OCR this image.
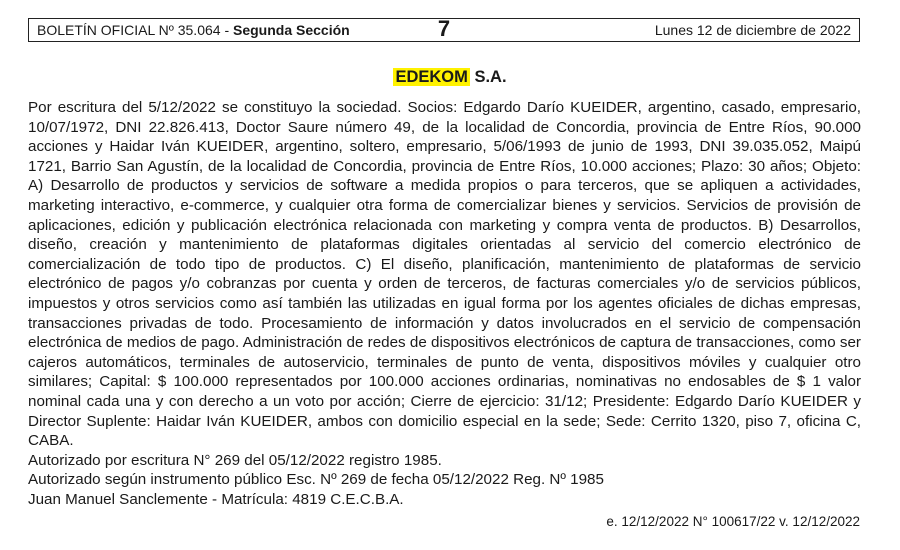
BOLETÍN OFICIAL Nº 35.064 - Segunda Sección	7	Lunes 12 de diciembre de 2022
EDEKOM S.A.

Por escritura del 5/12/2022 se constituyo la sociedad. Socios: Edgardo Darío KUEIDER, argentino, casado, empresario, 10/07/1972, DNI 22.826.413, Doctor Saure número 49, de la localidad de Concordia, provincia de Entre Ríos, 90.000 acciones y Haidar Iván KUEIDER, argentino, soltero, empresario, 5/06/1993 de junio de 1993, DNI 39.035.052, Maipú 1721, Barrio San Agustín, de la localidad de Concordia, provincia de Entre Ríos, 10.000 acciones; Plazo: 30 años; Objeto: A) Desarrollo de productos y servicios de software a medida propios o para terceros, que se apliquen a actividades, marketing interactivo, e-commerce, y cualquier otra forma de comercializar bienes y servicios. Servicios de provisión de aplicaciones, edición y publicación electrónica relacionada con marketing y compra venta de productos. B) Desarrollos, diseño, creación y mantenimiento de plataformas digitales orientadas al servicio del comercio electrónico de comercialización de todo tipo de productos. C) El diseño, planificación, mantenimiento de plataformas de servicio electrónico de pagos y/o cobranzas por cuenta y orden de terceros, de facturas comerciales y/o de servicios públicos, impuestos y otros servicios como así también las utilizadas en igual forma por los agentes oficiales de dichas empresas, transacciones privadas de todo. Procesamiento de información y datos involucrados en el servicio de compensación electrónica de medios de pago. Administración de redes de dispositivos electrónicos de captura de transacciones, como ser cajeros automáticos, terminales de autoservicio, terminales de punto de venta, dispositivos móviles y cualquier otro similares; Capital: $ 100.000 representados por 100.000 acciones ordinarias, nominativas no endosables de $ 1 valor nominal cada una y con derecho a un voto por acción; Cierre de ejercicio: 31/12; Presidente: Edgardo Darío KUEIDER y Director Suplente: Haidar Iván KUEIDER, ambos con domicilio especial en la sede; Sede: Cerrito 1320, piso 7, oficina C, CABA.

Autorizado por escritura N° 269 del 05/12/2022 registro 1985.

Autorizado según instrumento público Esc. Nº 269 de fecha 05/12/2022 Reg. Nº 1985

Juan Manuel Sanclemente - Matrícula: 4819 C.E.C.B.A.

e. 12/12/2022 N° 100617/22 v. 12/12/2022
